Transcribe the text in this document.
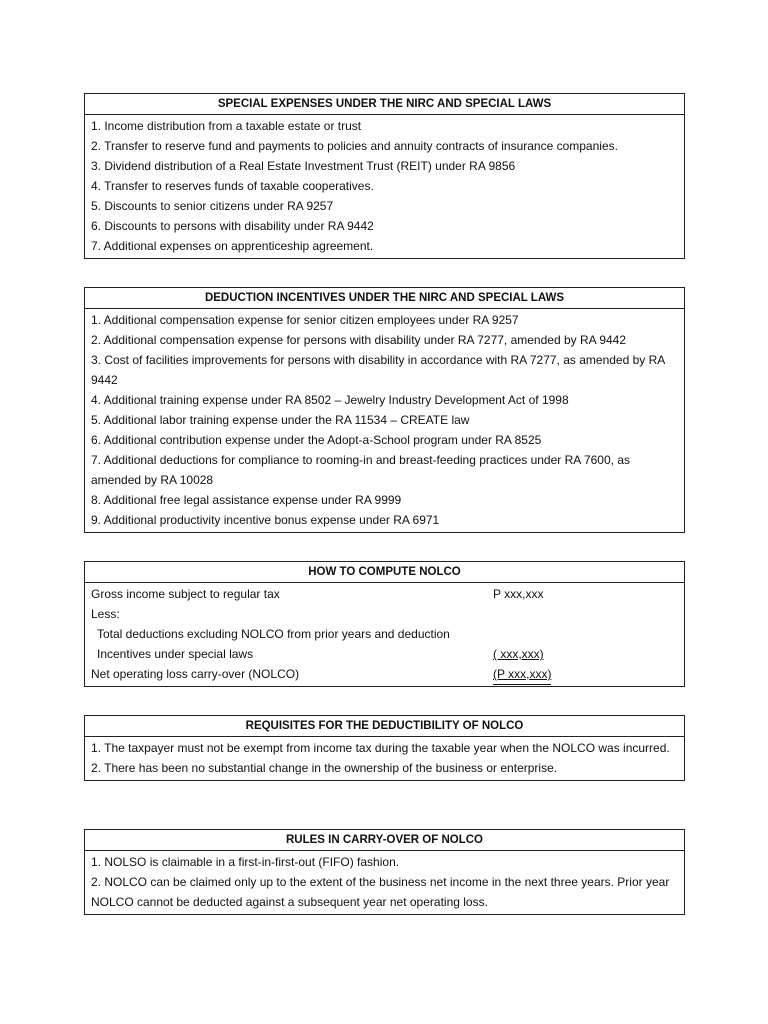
SPECIAL EXPENSES UNDER THE NIRC AND SPECIAL LAWS
1. Income distribution from a taxable estate or trust
2. Transfer to reserve fund and payments to policies and annuity contracts of insurance companies.
3. Dividend distribution of a Real Estate Investment Trust (REIT) under RA 9856
4. Transfer to reserves funds of taxable cooperatives.
5. Discounts to senior citizens under RA 9257
6. Discounts to persons with disability under RA 9442
7. Additional expenses on apprenticeship agreement.
DEDUCTION INCENTIVES UNDER THE NIRC AND SPECIAL LAWS
1. Additional compensation expense for senior citizen employees under RA 9257
2. Additional compensation expense for persons with disability under RA 7277, amended by RA 9442
3. Cost of facilities improvements for persons with disability in accordance with RA 7277, as amended by RA 9442
4. Additional training expense under RA 8502 – Jewelry Industry Development Act of 1998
5. Additional labor training expense under the RA 11534 – CREATE law
6. Additional contribution expense under the Adopt-a-School program under RA 8525
7. Additional deductions for compliance to rooming-in and breast-feeding practices under RA 7600, as amended by RA 10028
8. Additional free legal assistance expense under RA 9999
9. Additional productivity incentive bonus expense under RA 6971
HOW TO COMPUTE NOLCO
Gross income subject to regular tax	P xxx,xxx
Less:
Total deductions excluding NOLCO from prior years and deduction
Incentives under special laws	( xxx,xxx)
Net operating loss carry-over (NOLCO)	(P xxx,xxx)
REQUISITES FOR THE DEDUCTIBILITY OF NOLCO
1. The taxpayer must not be exempt from income tax during the taxable year when the NOLCO was incurred.
2. There has been no substantial change in the ownership of the business or enterprise.
RULES IN CARRY-OVER OF NOLCO
1. NOLSO is claimable in a first-in-first-out (FIFO) fashion.
2. NOLCO can be claimed only up to the extent of the business net income in the next three years. Prior year NOLCO cannot be deducted against a subsequent year net operating loss.
